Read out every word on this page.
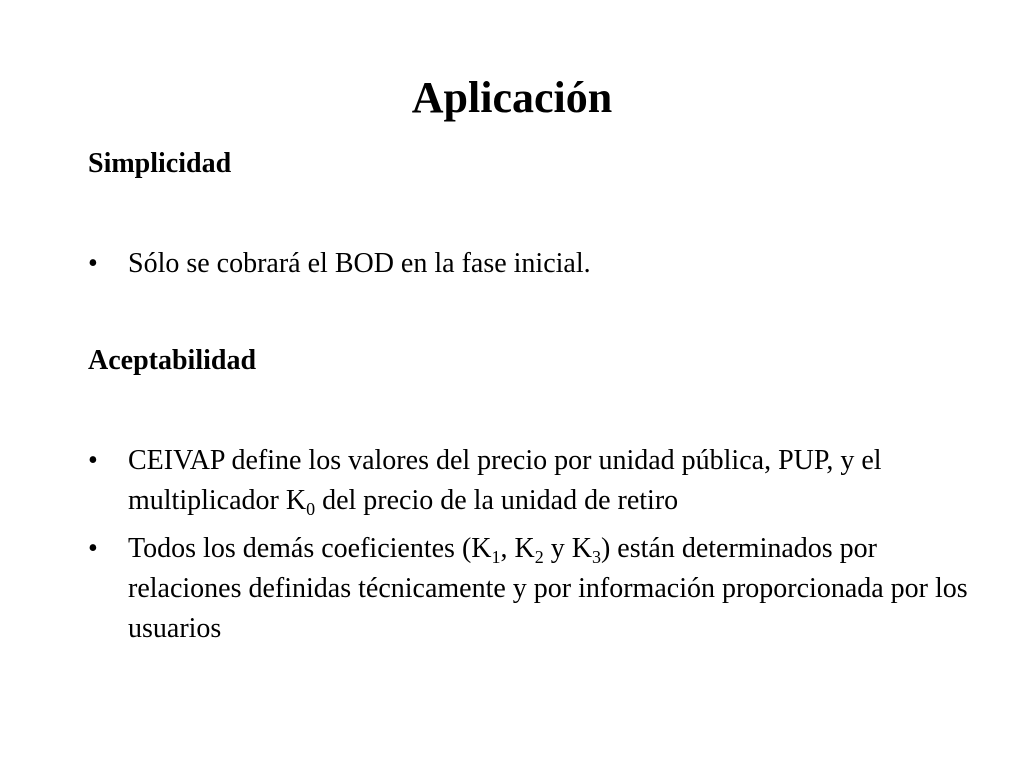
Aplicación
Simplicidad
•	Sólo se cobrará el BOD en la fase inicial.
Aceptabilidad
•	CEIVAP define los valores del precio por unidad pública, PUP, y el multiplicador $K_0$ del precio de la unidad de retiro
•	Todos los demás coeficientes ($K_1$, $K_2$ y $K_3$) están determinados por relaciones definidas técnicamente y por información proporcionada por los usuarios
